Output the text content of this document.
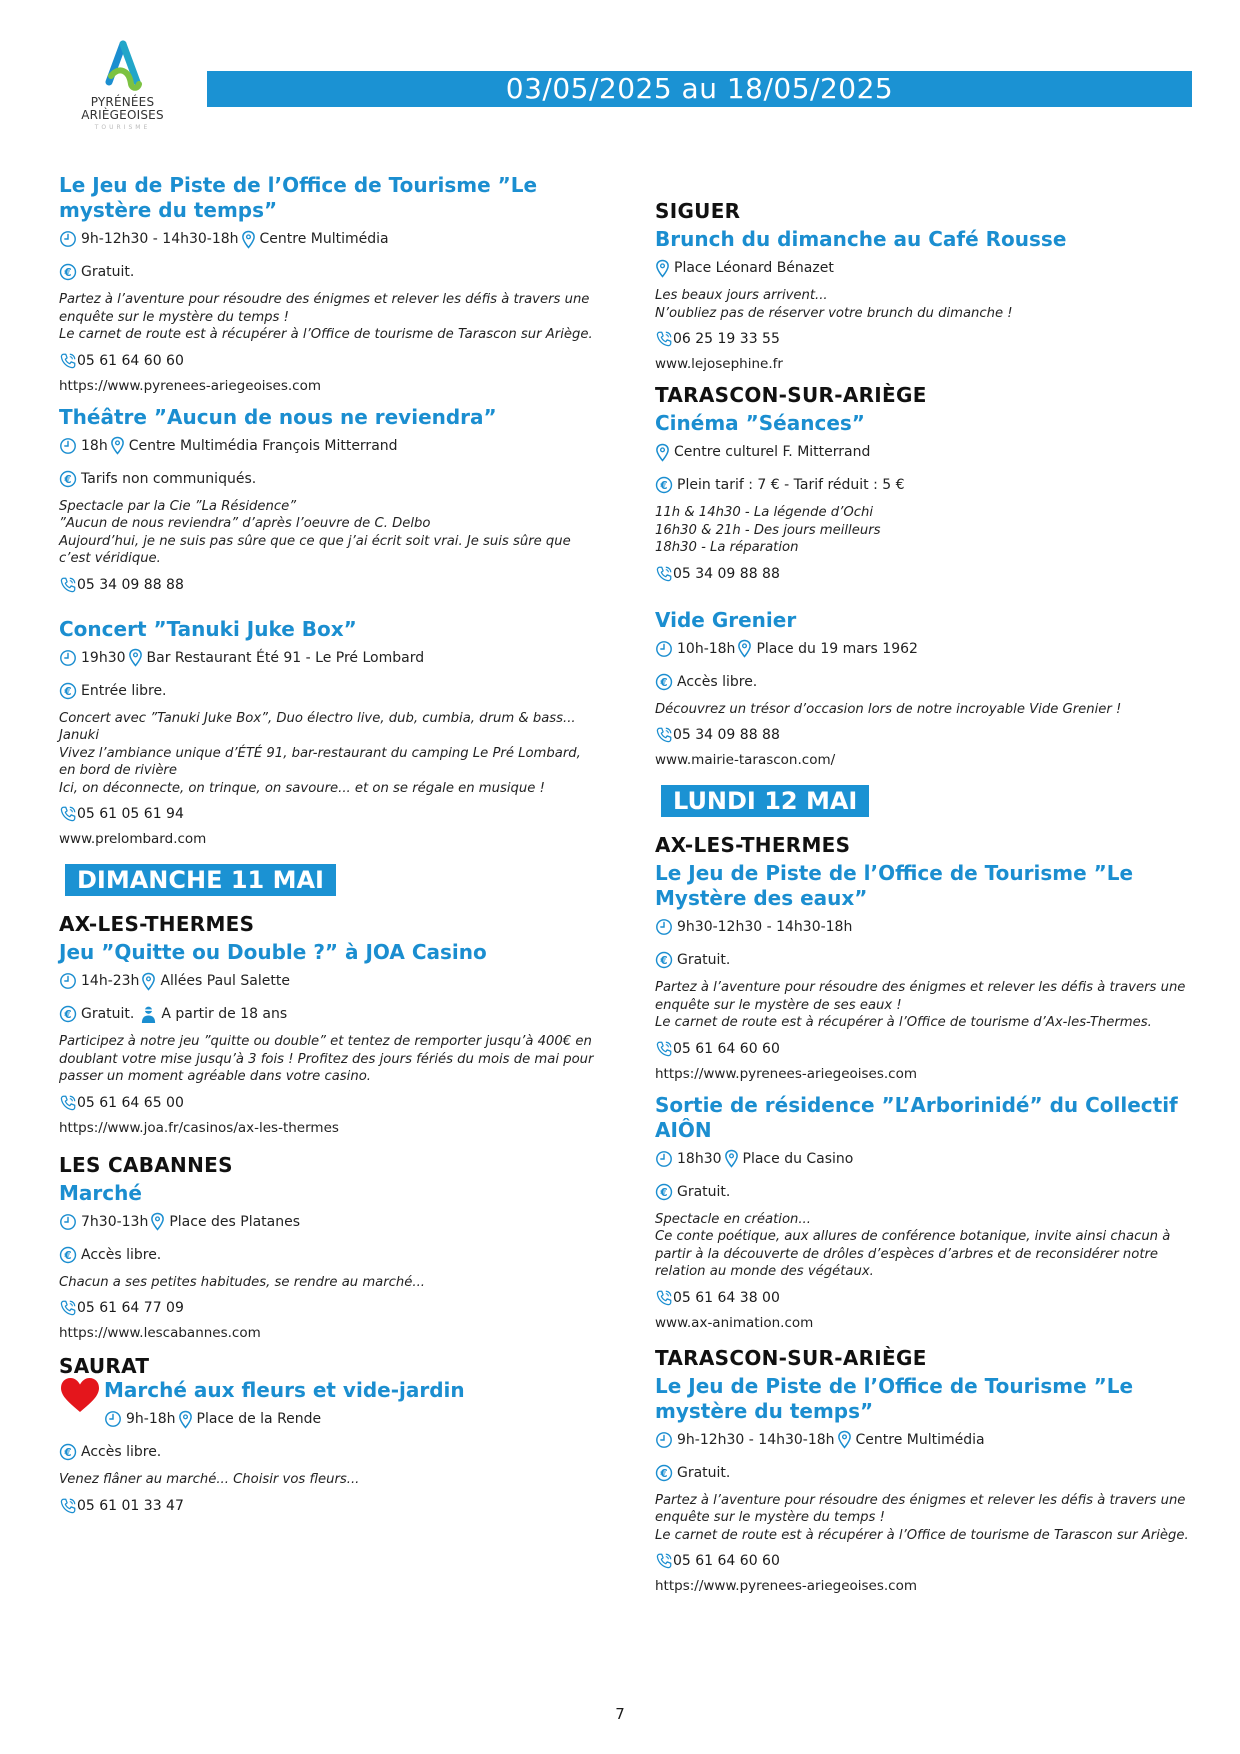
PYRÉNÉES
ARIÈGEOISES
TOURISME
03/05/2025 au 18/05/2025
Le Jeu de Piste de l’Office de Tourisme ”Le mystère du temps”
9h-12h30 - 14h30-18h Centre Multimédia
Gratuit.
Partez à l’aventure pour résoudre des énigmes et relever les défis à travers une enquête sur le mystère du temps !
Le carnet de route est à récupérer à l’Office de tourisme de Tarascon sur Ariège.
05 61 64 60 60
https://www.pyrenees-ariegeoises.com
Théâtre ”Aucun de nous ne reviendra”
18h Centre Multimédia François Mitterrand
Tarifs non communiqués.
Spectacle par la Cie ”La Résidence”
”Aucun de nous reviendra” d’après l’oeuvre de C. Delbo
Aujourd’hui, je ne suis pas sûre que ce que j’ai écrit soit vrai. Je suis sûre que c’est véridique.
05 34 09 88 88
Concert ”Tanuki Juke Box”
19h30 Bar Restaurant Été 91 - Le Pré Lombard
Entrée libre.
Concert avec ”Tanuki Juke Box”, Duo électro live, dub, cumbia, drum & bass... Januki
Vivez l’ambiance unique d’ÉTÉ 91, bar-restaurant du camping Le Pré Lombard, en bord de rivière
Ici, on déconnecte, on trinque, on savoure... et on se régale en musique !
05 61 05 61 94
www.prelombard.com
DIMANCHE 11 MAI
AX-LES-THERMES
Jeu ”Quitte ou Double ?” à JOA Casino
14h-23h Allées Paul Salette
Gratuit. A partir de 18 ans
Participez à notre jeu ”quitte ou double” et tentez de remporter jusqu’à 400€ en doublant votre mise jusqu’à 3 fois ! Profitez des jours fériés du mois de mai pour passer un moment agréable dans votre casino.
05 61 64 65 00
https://www.joa.fr/casinos/ax-les-thermes
LES CABANNES
Marché
7h30-13h Place des Platanes
Accès libre.
Chacun a ses petites habitudes, se rendre au marché...
05 61 64 77 09
https://www.lescabannes.com
SAURAT
Marché aux fleurs et vide-jardin
9h-18h Place de la Rende
Accès libre.
Venez flâner au marché... Choisir vos fleurs...
05 61 01 33 47
SIGUER
Brunch du dimanche au Café Rousse
Place Léonard Bénazet
Les beaux jours arrivent...
N’oubliez pas de réserver votre brunch du dimanche !
06 25 19 33 55
www.lejosephine.fr
TARASCON-SUR-ARIÈGE
Cinéma ”Séances”
Centre culturel F. Mitterrand
Plein tarif : 7 € - Tarif réduit : 5 €
11h & 14h30 - La légende d’Ochi
16h30 & 21h - Des jours meilleurs
18h30 - La réparation
05 34 09 88 88
Vide Grenier
10h-18h Place du 19 mars 1962
Accès libre.
Découvrez un trésor d’occasion lors de notre incroyable Vide Grenier !
05 34 09 88 88
www.mairie-tarascon.com/
LUNDI 12 MAI
AX-LES-THERMES
Le Jeu de Piste de l’Office de Tourisme ”Le Mystère des eaux”
9h30-12h30 - 14h30-18h
Gratuit.
Partez à l’aventure pour résoudre des énigmes et relever les défis à travers une enquête sur le mystère de ses eaux !
Le carnet de route est à récupérer à l’Office de tourisme d’Ax-les-Thermes.
05 61 64 60 60
https://www.pyrenees-ariegeoises.com
Sortie de résidence ”L’Arborinidé” du Collectif AIÔN
18h30 Place du Casino
Gratuit.
Spectacle en création...
Ce conte poétique, aux allures de conférence botanique, invite ainsi chacun à partir à la découverte de drôles d’espèces d’arbres et de reconsidérer notre relation au monde des végétaux.
05 61 64 38 00
www.ax-animation.com
TARASCON-SUR-ARIÈGE
Le Jeu de Piste de l’Office de Tourisme ”Le mystère du temps”
9h-12h30 - 14h30-18h Centre Multimédia
Gratuit.
Partez à l’aventure pour résoudre des énigmes et relever les défis à travers une enquête sur le mystère du temps !
Le carnet de route est à récupérer à l’Office de tourisme de Tarascon sur Ariège.
05 61 64 60 60
https://www.pyrenees-ariegeoises.com
7
